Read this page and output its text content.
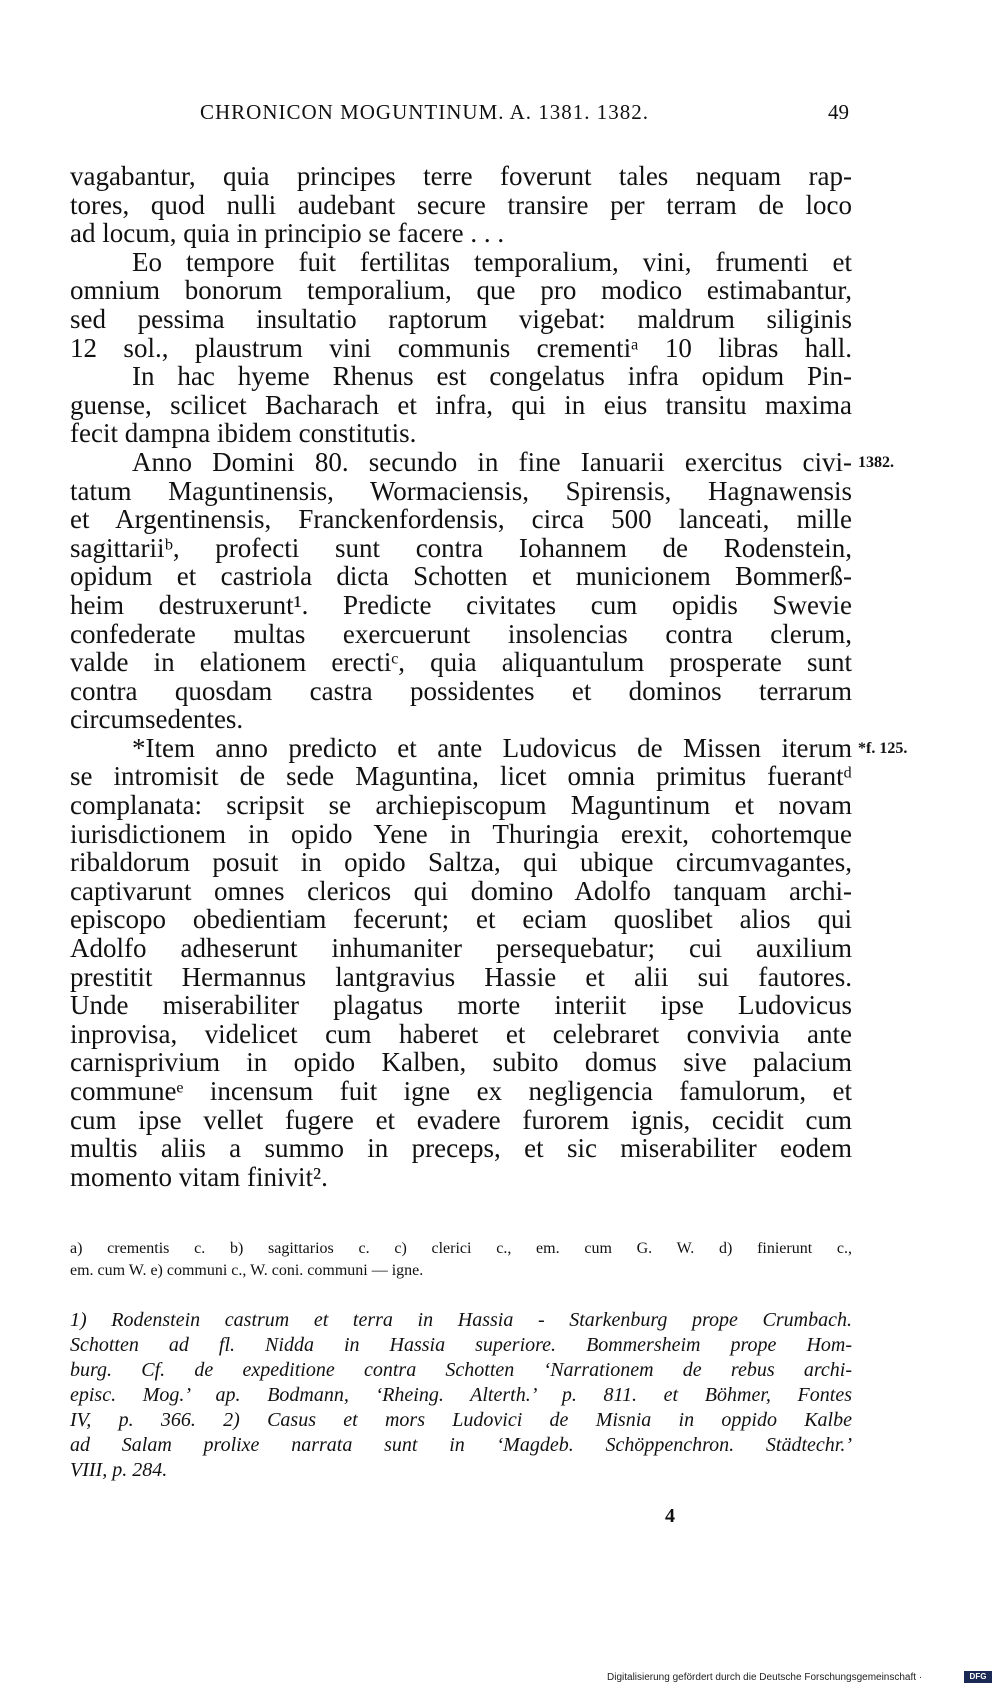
CHRONICON MOGUNTINUM. A. 1381. 1382.	49
vagabantur, quia principes terre foverunt tales nequam rap-
tores, quod nulli audebant secure transire per terram de loco
ad locum, quia in principio se facere . . .
Eo tempore fuit fertilitas temporalium, vini, frumenti et
omnium bonorum temporalium, que pro modico estimabantur,
sed pessima insultatio raptorum vigebat: maldrum siliginis
12 sol., plaustrum vini communis crementiᵃ 10 libras hall.
In hac hyeme Rhenus est congelatus infra opidum Pin-
guense, scilicet Bacharach et infra, qui in eius transitu maxima
fecit dampna ibidem constitutis.
Anno Domini 80. secundo in fine Ianuarii exercitus civi-
tatum Maguntinensis, Wormaciensis, Spirensis, Hagnawensis
et Argentinensis, Franckenfordensis, circa 500 lanceati, mille
sagittariiᵇ, profecti sunt contra Iohannem de Rodenstein,
opidum et castriola dicta Schotten et municionem Bommerß-
heim destruxerunt¹. Predicte civitates cum opidis Swevie
confederate multas exercuerunt insolencias contra clerum,
valde in elationem erectiᶜ, quia aliquantulum prosperate sunt
contra quosdam castra possidentes et dominos terrarum
circumsedentes.
*Item anno predicto et ante Ludovicus de Missen iterum
se intromisit de sede Maguntina, licet omnia primitus fuerantᵈ
complanata: scripsit se archiepiscopum Maguntinum et novam
iurisdictionem in opido Yene in Thuringia erexit, cohortemque
ribaldorum posuit in opido Saltza, qui ubique circumvagantes,
captivarunt omnes clericos qui domino Adolfo tanquam archi-
episcopo obedientiam fecerunt; et eciam quoslibet alios qui
Adolfo adheserunt inhumaniter persequebatur; cui auxilium
prestitit Hermannus lantgravius Hassie et alii sui fautores.
Unde miserabiliter plagatus morte interiit ipse Ludovicus
inprovisa, videlicet cum haberet et celebraret convivia ante
carnisprivium in opido Kalben, subito domus sive palacium
communeᵉ incensum fuit igne ex negligencia famulorum, et
cum ipse vellet fugere et evadere furorem ignis, cecidit cum
multis aliis a summo in preceps, et sic miserabiliter eodem
momento vitam finivit².
1382.
*f. 125.
a) crementis c. b) sagittarios c. c) clerici c., em. cum G. W. d) finierunt c.,
em. cum W. e) communi c., W. coni. communi — igne.
1) Rodenstein castrum et terra in Hassia - Starkenburg prope Crumbach.
Schotten ad fl. Nidda in Hassia superiore. Bommersheim prope Hom-
burg. Cf. de expeditione contra Schotten ‘Narrationem de rebus archi-
episc. Mog.’ ap. Bodmann, ‘Rheing. Alterth.’ p. 811. et Böhmer, Fontes
IV, p. 366. 2) Casus et mors Ludovici de Misnia in oppido Kalbe
ad Salam prolixe narrata sunt in ‘Magdeb. Schöppenchron. Städtechr.’
VIII, p. 284.
4
Digitalisierung gefördert durch die Deutsche Forschungsgemeinschaft ·	DFG
